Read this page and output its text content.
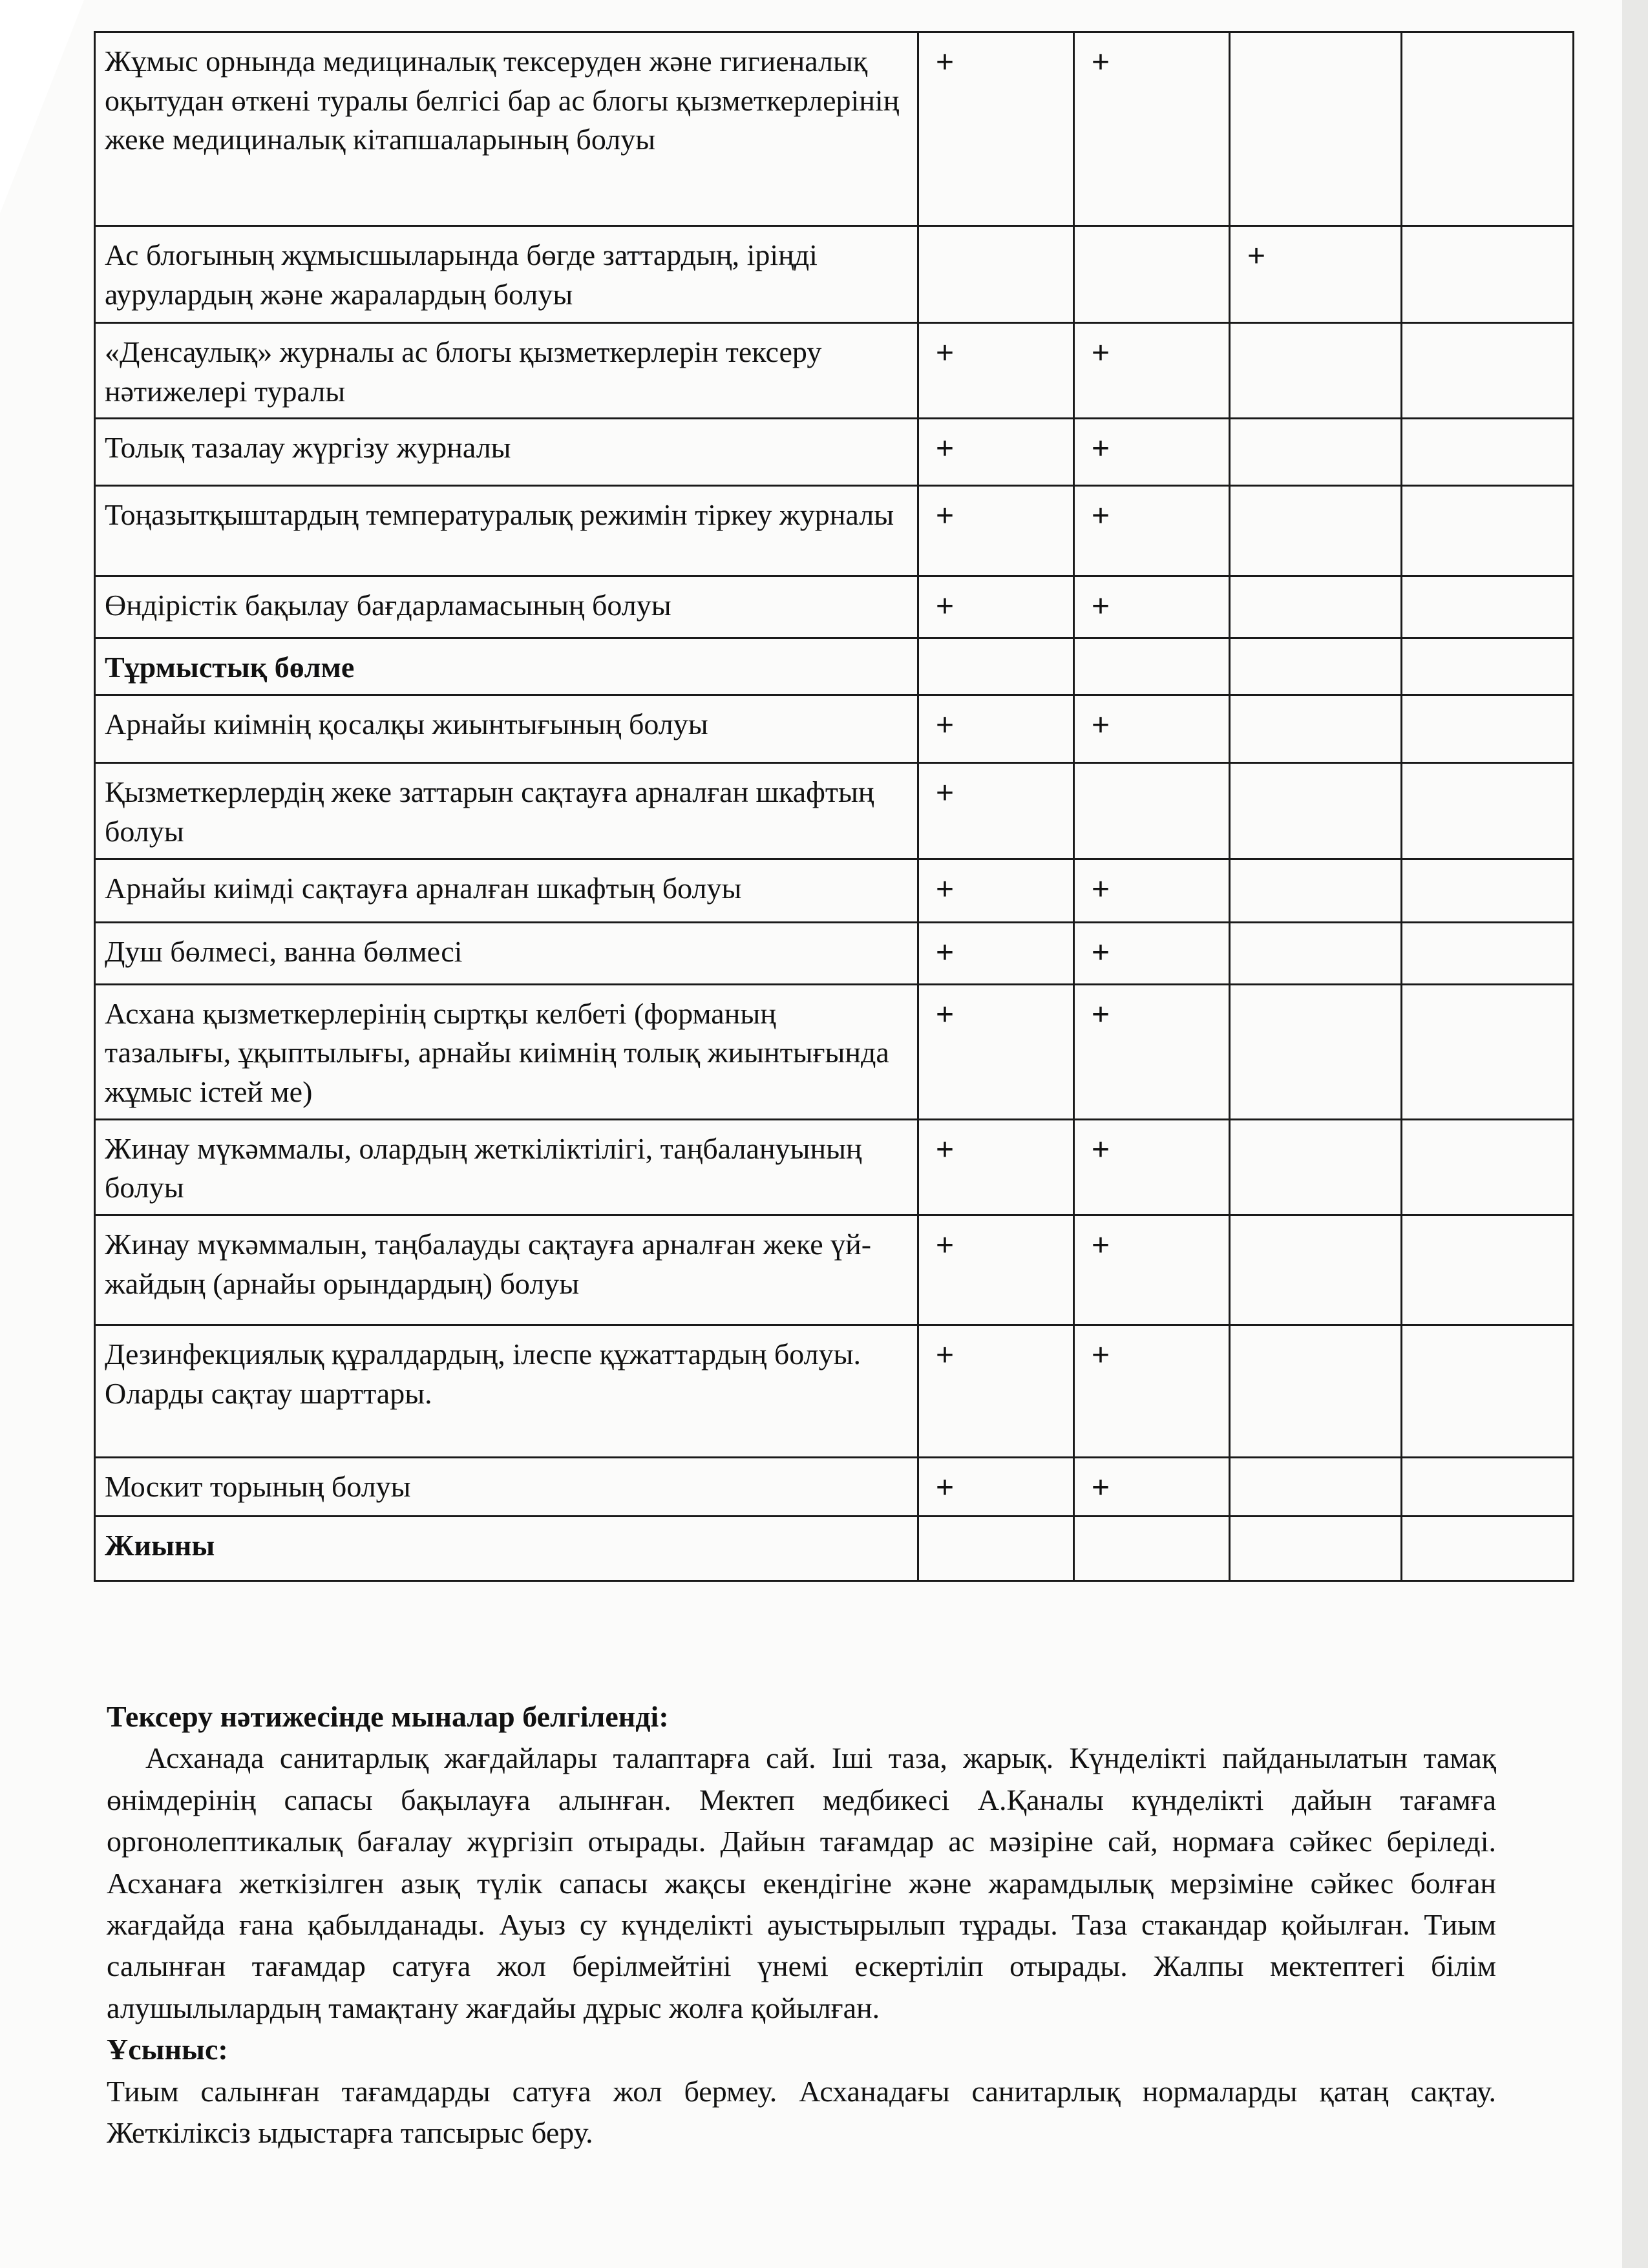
Жұмыс орнында медициналық тексеруден және гигиеналық оқытудан өткені туралы белгісі бар ас блогы қызметкерлерінің жеке медициналық кітапшаларының болуы	+	+		
Ас блогының жұмысшыларында бөгде заттардың, іріңді аурулардың және жаралардың болуы			+	
«Денсаулық» журналы ас блогы қызметкерлерін тексеру нәтижелері туралы	+	+		
Толық тазалау жүргізу журналы	+	+		
Тоңазытқыштардың температуралық режимін тіркеу журналы	+	+		
Өндірістік бақылау бағдарламасының болуы	+	+		
Тұрмыстық бөлме				
Арнайы киімнің қосалқы жиынтығының болуы	+	+		
Қызметкерлердің жеке заттарын сақтауға арналған шкафтың болуы	+			
Арнайы киімді сақтауға арналған шкафтың болуы	+	+		
Душ бөлмесі, ванна бөлмесі	+	+		
Асхана қызметкерлерінің сыртқы келбеті (форманың тазалығы, ұқыптылығы, арнайы киімнің толық жиынтығында жұмыс істей ме)	+	+		
Жинау мүкәммалы, олардың жеткіліктілігі, таңбалануының болуы	+	+		
Жинау мүкәммалын, таңбалауды сақтауға арналған жеке үй-жайдың (арнайы орындардың) болуы	+	+		
Дезинфекциялық құралдардың, ілеспе құжаттардың болуы. Оларды сақтау шарттары.	+	+		
Москит торының болуы	+	+		
Жиыны				
Тексеру нәтижесінде мыналар белгіленді:

Асханада санитарлық жағдайлары талаптарға сай. Іші таза, жарық. Күнделікті пайданылатын тамақ өнімдерінің сапасы бақылауға алынған. Мектеп медбикесі А.Қаналы күнделікті дайын тағамға оргонолептикалық бағалау жүргізіп отырады. Дайын тағамдар ас мәзіріне сай, нормаға сәйкес беріледі. Асханаға жеткізілген азық түлік сапасы жақсы екендігіне және жарамдылық мерзіміне сәйкес болған жағдайда ғана қабылданады. Ауыз су күнделікті ауыстырылып тұрады. Таза стакандар қойылған. Тиым салынған тағамдар сатуға жол берілмейтіні үнемі ескертіліп отырады. Жалпы мектептегі білім алушылылардың тамақтану жағдайы дұрыс жолға қойылған.

Ұсыныс:

Тиым салынған тағамдарды сатуға жол бермеу. Асханадағы санитарлық нормаларды қатаң сақтау. Жеткіліксіз ыдыстарға тапсырыс беру.
